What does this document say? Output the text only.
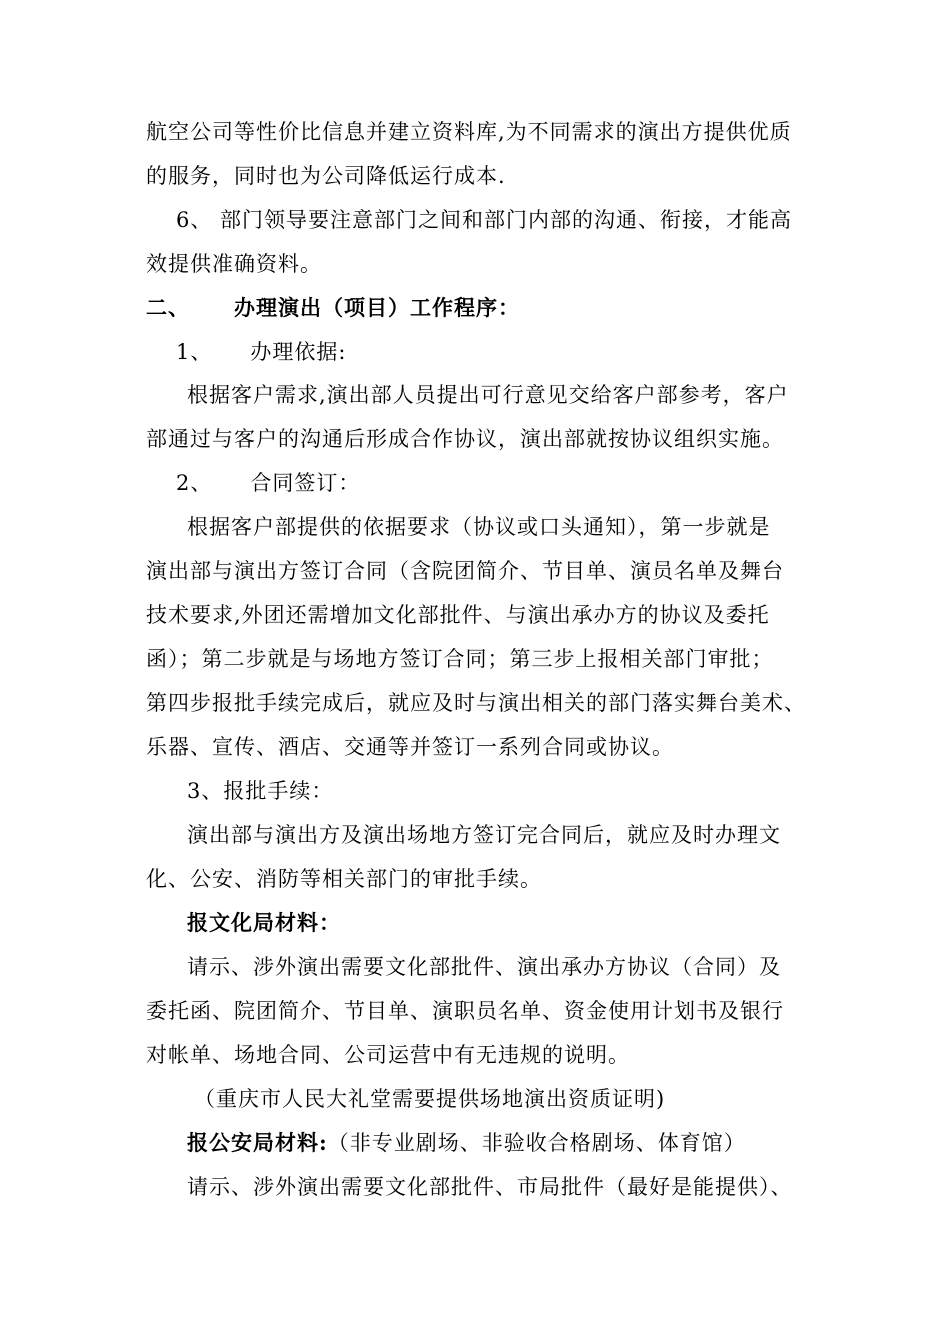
航空公司等性价比信息并建立资料库,为不同需求的演出方提供优质
的服务，同时也为公司降低运行成本.
6、 部门领导要注意部门之间和部门内部的沟通、衔接，才能高
效提供准确资料。
二、 办理演出（项目）工作程序：
1、 办理依据:
根据客户需求,演出部人员提出可行意见交给客户部参考，客户
部通过与客户的沟通后形成合作协议，演出部就按协议组织实施。
2、 合同签订：
根据客户部提供的依据要求（协议或口头通知），第一步就是
演出部与演出方签订合同（含院团简介、节目单、演员名单及舞台
技术要求,外团还需增加文化部批件、与演出承办方的协议及委托
函）；第二步就是与场地方签订合同；第三步上报相关部门审批；
第四步报批手续完成后，就应及时与演出相关的部门落实舞台美术、
乐器、宣传、酒店、交通等并签订一系列合同或协议。
3、报批手续：
演出部与演出方及演出场地方签订完合同后，就应及时办理文
化、公安、消防等相关部门的审批手续。
报文化局材料：
请示、涉外演出需要文化部批件、演出承办方协议（合同）及
委托函、院团简介、节目单、演职员名单、资金使用计划书及银行
对帐单、场地合同、公司运营中有无违规的说明。
（重庆市人民大礼堂需要提供场地演出资质证明)
报公安局材料:（非专业剧场、非验收合格剧场、体育馆）
请示、涉外演出需要文化部批件、市局批件（最好是能提供）、
